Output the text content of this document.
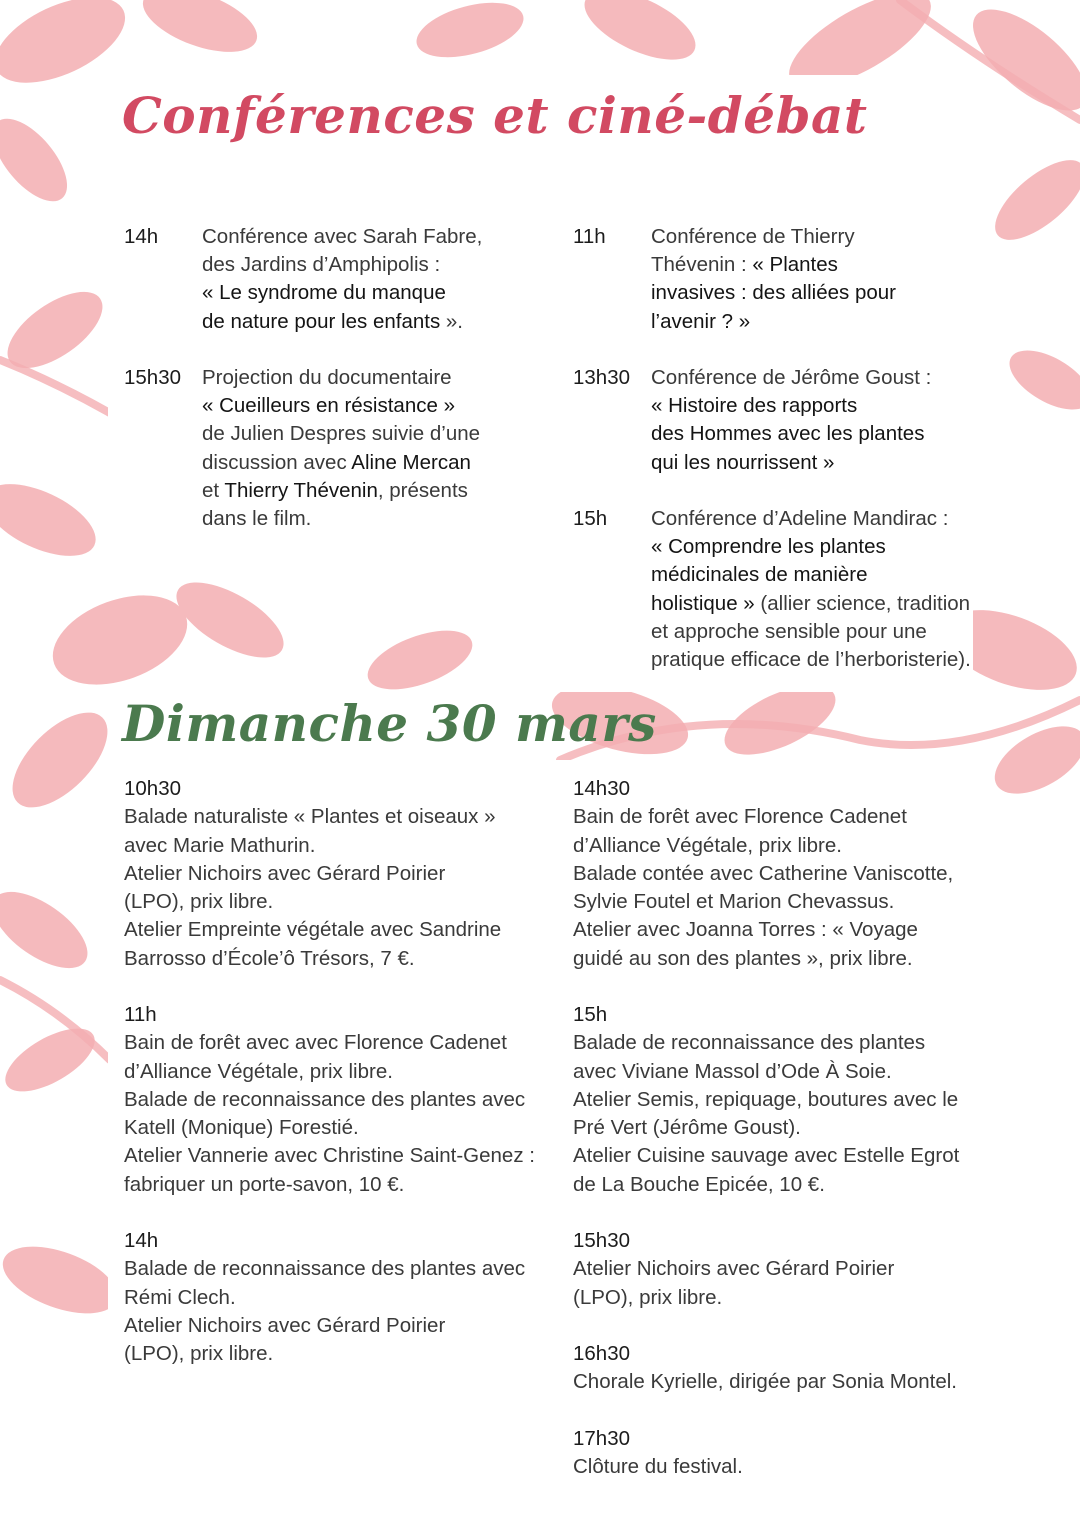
Conférences et ciné-débat
14h Conférence avec Sarah Fabre,
des Jardins d’Amphipolis :
« Le syndrome du manque
de nature pour les enfants ».
15h30 Projection du documentaire
« Cueilleurs en résistance »
de Julien Despres suivie d’une
discussion avec Aline Mercan
et Thierry Thévenin, présents
dans le film.
11h Conférence de Thierry
Thévenin : « Plantes
invasives : des alliées pour
l’avenir ? »
13h30 Conférence de Jérôme Goust :
« Histoire des rapports
des Hommes avec les plantes
qui les nourrissent »
15h Conférence d’Adeline Mandirac :
« Comprendre les plantes
médicinales de manière
holistique » (allier science, tradition
et approche sensible pour une
pratique efficace de l’herboristerie).
Dimanche 30 mars
10h30
Balade naturaliste « Plantes et oiseaux »
avec Marie Mathurin.
Atelier Nichoirs avec Gérard Poirier
(LPO), prix libre.
Atelier Empreinte végétale avec Sandrine
Barrosso d’École’ô Trésors, 7 €.
11h
Bain de forêt avec avec Florence Cadenet
d’Alliance Végétale, prix libre.
Balade de reconnaissance des plantes avec
Katell (Monique) Forestié.
Atelier Vannerie avec Christine Saint-Genez :
fabriquer un porte-savon, 10 €.
14h
Balade de reconnaissance des plantes avec
Rémi Clech.
Atelier Nichoirs avec Gérard Poirier
(LPO), prix libre.
14h30
Bain de forêt avec Florence Cadenet
d’Alliance Végétale, prix libre.
Balade contée avec Catherine Vaniscotte,
Sylvie Foutel et Marion Chevassus.
Atelier avec Joanna Torres : « Voyage
guidé au son des plantes », prix libre.
15h
Balade de reconnaissance des plantes
avec Viviane Massol d’Ode À Soie.
Atelier Semis, repiquage, boutures avec le
Pré Vert (Jérôme Goust).
Atelier Cuisine sauvage avec Estelle Egrot
de La Bouche Epicée, 10 €.
15h30
Atelier Nichoirs avec Gérard Poirier
(LPO), prix libre.
16h30
Chorale Kyrielle, dirigée par Sonia Montel.
17h30
Clôture du festival.
